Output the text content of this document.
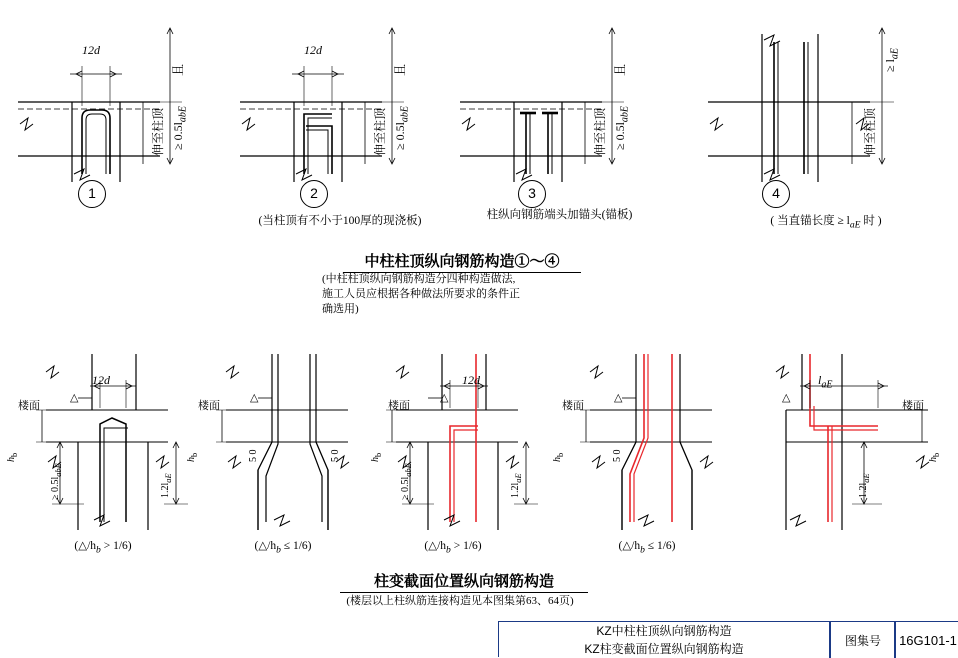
12d
≥ $0.5l_{abE}$
且
伸至柱顶
1
12d
≥ $0.5l_{abE}$
且
伸至柱顶
2
(当柱顶有不小于100厚的现浇板)
≥ $0.5l_{abE}$
且
伸至柱顶
3
柱纵向钢筋端头加锚头(锚板)
≥ $l_{aE}$
伸至柱顶
4
( 当直锚长度 ≥ $l_{aE}$ 时 )
中柱柱顶纵向钢筋构造①～④
(中柱柱顶纵向钢筋构造分四种构造做法,
施工人员应根据各种做法所要求的条件正
确选用)
楼面
△
12d
$h_b$
≥ $0.5l_{abE}$
$1.2l_{aE}$
$(\triangle/h_b > 1/6)$
楼面
△
$h_b$	5 0	5 0
$(\triangle/h_b \le 1/6)$
楼面
△
12d
$h_b$
≥ $0.5l_{abE}$
$1.2l_{aE}$
$(\triangle/h_b > 1/6)$
楼面
△
$h_b$	5 0
$(\triangle/h_b \le 1/6)$
楼面
△
$l_{aE}$
$h_b$
$1.2l_{aE}$
柱变截面位置纵向钢筋构造
(楼层以上柱纵筋连接构造见本图集第63、64页)
KZ中柱柱顶纵向钢筋构造
KZ柱变截面位置纵向钢筋构造
图集号	16G101-1
